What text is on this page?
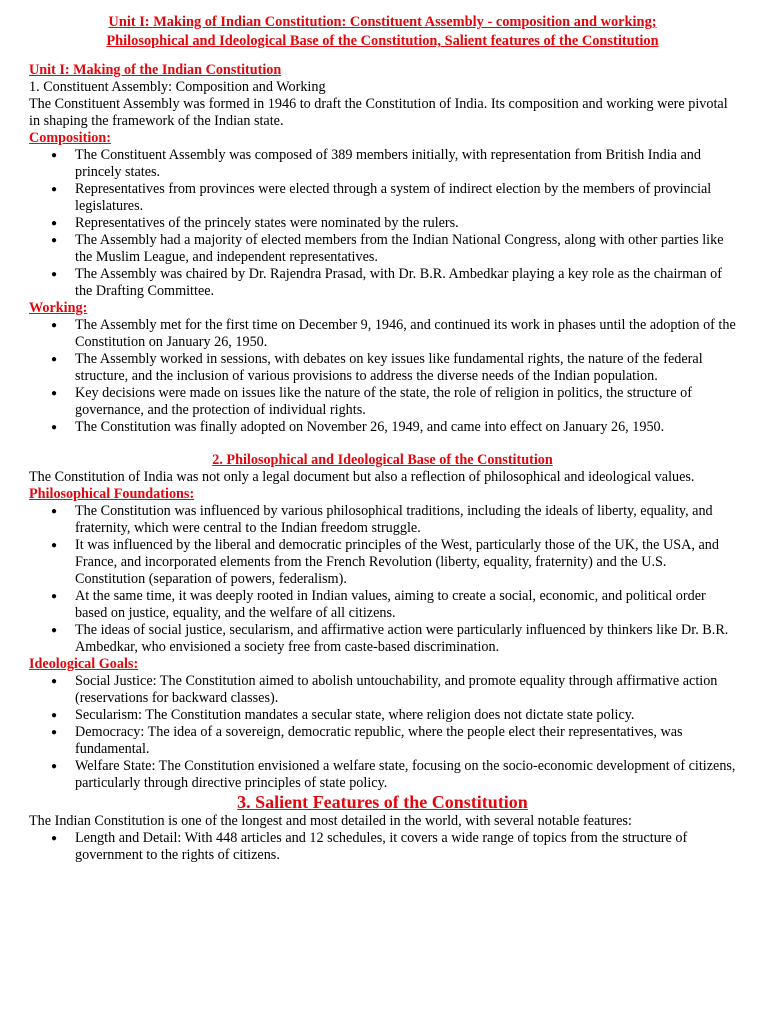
Unit I: Making of Indian Constitution: Constituent Assembly - composition and working;
Philosophical and Ideological Base of the Constitution, Salient features of the Constitution

Unit I: Making of the Indian Constitution

1. Constituent Assembly: Composition and Working

The Constituent Assembly was formed in 1946 to draft the Constitution of India. Its composition and working were pivotal in shaping the framework of the Indian state.

Composition:

● The Constituent Assembly was composed of 389 members initially, with representation from British India and princely states.
● Representatives from provinces were elected through a system of indirect election by the members of provincial legislatures.
● Representatives of the princely states were nominated by the rulers.
● The Assembly had a majority of elected members from the Indian National Congress, along with other parties like the Muslim League, and independent representatives.
● The Assembly was chaired by Dr. Rajendra Prasad, with Dr. B.R. Ambedkar playing a key role as the chairman of the Drafting Committee.

Working:

● The Assembly met for the first time on December 9, 1946, and continued its work in phases until the adoption of the Constitution on January 26, 1950.
● The Assembly worked in sessions, with debates on key issues like fundamental rights, the nature of the federal structure, and the inclusion of various provisions to address the diverse needs of the Indian population.
● Key decisions were made on issues like the nature of the state, the role of religion in politics, the structure of governance, and the protection of individual rights.
● The Constitution was finally adopted on November 26, 1949, and came into effect on January 26, 1950.

2. Philosophical and Ideological Base of the Constitution

The Constitution of India was not only a legal document but also a reflection of philosophical and ideological values.

Philosophical Foundations:

● The Constitution was influenced by various philosophical traditions, including the ideals of liberty, equality, and fraternity, which were central to the Indian freedom struggle.
● It was influenced by the liberal and democratic principles of the West, particularly those of the UK, the USA, and France, and incorporated elements from the French Revolution (liberty, equality, fraternity) and the U.S. Constitution (separation of powers, federalism).
● At the same time, it was deeply rooted in Indian values, aiming to create a social, economic, and political order based on justice, equality, and the welfare of all citizens.
● The ideas of social justice, secularism, and affirmative action were particularly influenced by thinkers like Dr. B.R. Ambedkar, who envisioned a society free from caste-based discrimination.

Ideological Goals:

● Social Justice: The Constitution aimed to abolish untouchability, and promote equality through affirmative action (reservations for backward classes).
● Secularism: The Constitution mandates a secular state, where religion does not dictate state policy.
● Democracy: The idea of a sovereign, democratic republic, where the people elect their representatives, was fundamental.
● Welfare State: The Constitution envisioned a welfare state, focusing on the socio-economic development of citizens, particularly through directive principles of state policy.

3. Salient Features of the Constitution

The Indian Constitution is one of the longest and most detailed in the world, with several notable features:

● Length and Detail: With 448 articles and 12 schedules, it covers a wide range of topics from the structure of government to the rights of citizens.
